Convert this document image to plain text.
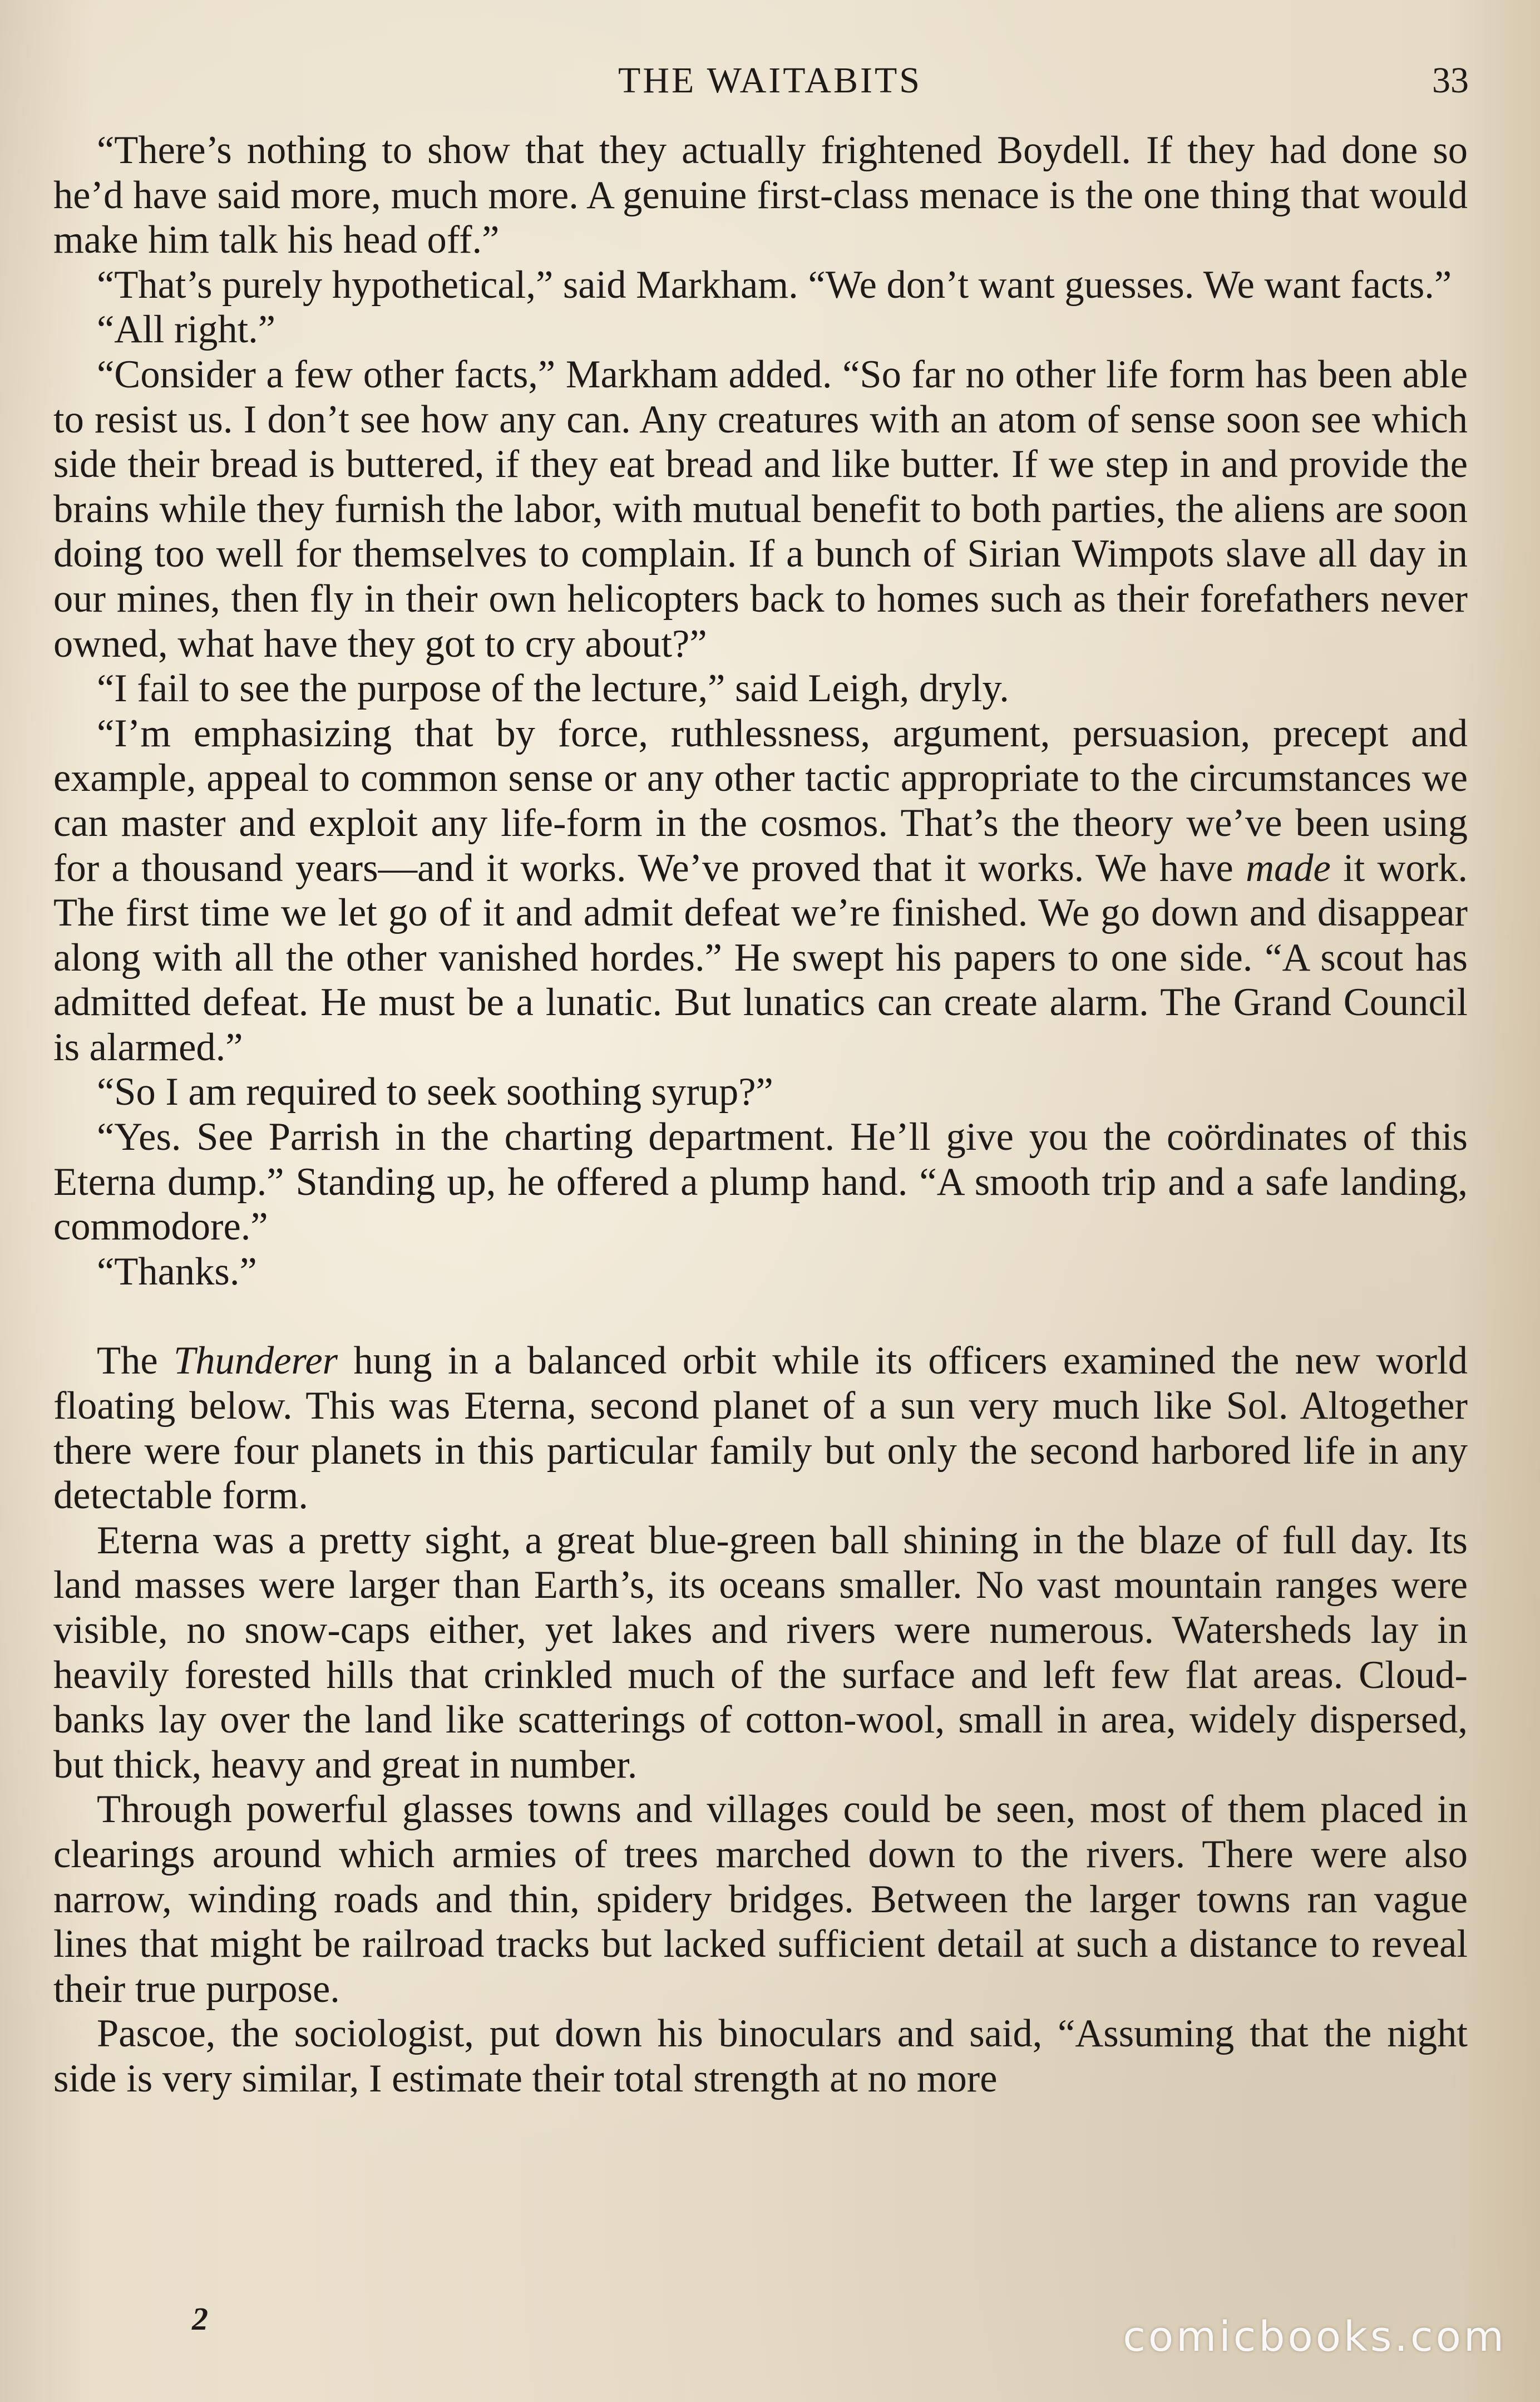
THE WAITABITS	33

“There’s nothing to show that they actually frightened Boydell. If they had done so he’d have said more, much more. A genuine first-class menace is the one thing that would make him talk his head off.”

“That’s purely hypothetical,” said Markham. “We don’t want guesses. We want facts.”

“All right.”

“Consider a few other facts,” Markham added. “So far no other life form has been able to resist us. I don’t see how any can. Any creatures with an atom of sense soon see which side their bread is buttered, if they eat bread and like butter. If we step in and provide the brains while they furnish the labor, with mutual benefit to both parties, the aliens are soon doing too well for themselves to complain. If a bunch of Sirian Wimpots slave all day in our mines, then fly in their own helicopters back to homes such as their forefathers never owned, what have they got to cry about?”

“I fail to see the purpose of the lecture,” said Leigh, dryly.

“I’m emphasizing that by force, ruthlessness, argument, persuasion, precept and example, appeal to common sense or any other tactic appropriate to the circumstances we can master and exploit any life-form in the cosmos. That’s the theory we’ve been using for a thousand years—and it works. We’ve proved that it works. We have made it work. The first time we let go of it and admit defeat we’re finished. We go down and disappear along with all the other vanished hordes.” He swept his papers to one side. “A scout has admitted defeat. He must be a lunatic. But lunatics can create alarm. The Grand Council is alarmed.”

“So I am required to seek soothing syrup?”

“Yes. See Parrish in the charting department. He’ll give you the coördinates of this Eterna dump.” Standing up, he offered a plump hand. “A smooth trip and a safe landing, commodore.”

“Thanks.”

The Thunderer hung in a balanced orbit while its officers examined the new world floating below. This was Eterna, second planet of a sun very much like Sol. Altogether there were four planets in this particular family but only the second harbored life in any detectable form.

Eterna was a pretty sight, a great blue-green ball shining in the blaze of full day. Its land masses were larger than Earth’s, its oceans smaller. No vast mountain ranges were visible, no snow-caps either, yet lakes and rivers were numerous. Watersheds lay in heavily forested hills that crinkled much of the surface and left few flat areas. Cloud-banks lay over the land like scatterings of cotton-wool, small in area, widely dispersed, but thick, heavy and great in number.

Through powerful glasses towns and villages could be seen, most of them placed in clearings around which armies of trees marched down to the rivers. There were also narrow, winding roads and thin, spidery bridges. Between the larger towns ran vague lines that might be railroad tracks but lacked sufficient detail at such a distance to reveal their true purpose.

Pascoe, the sociologist, put down his binoculars and said, “Assuming that the night side is very similar, I estimate their total strength at no more

2	comicbooks.com
